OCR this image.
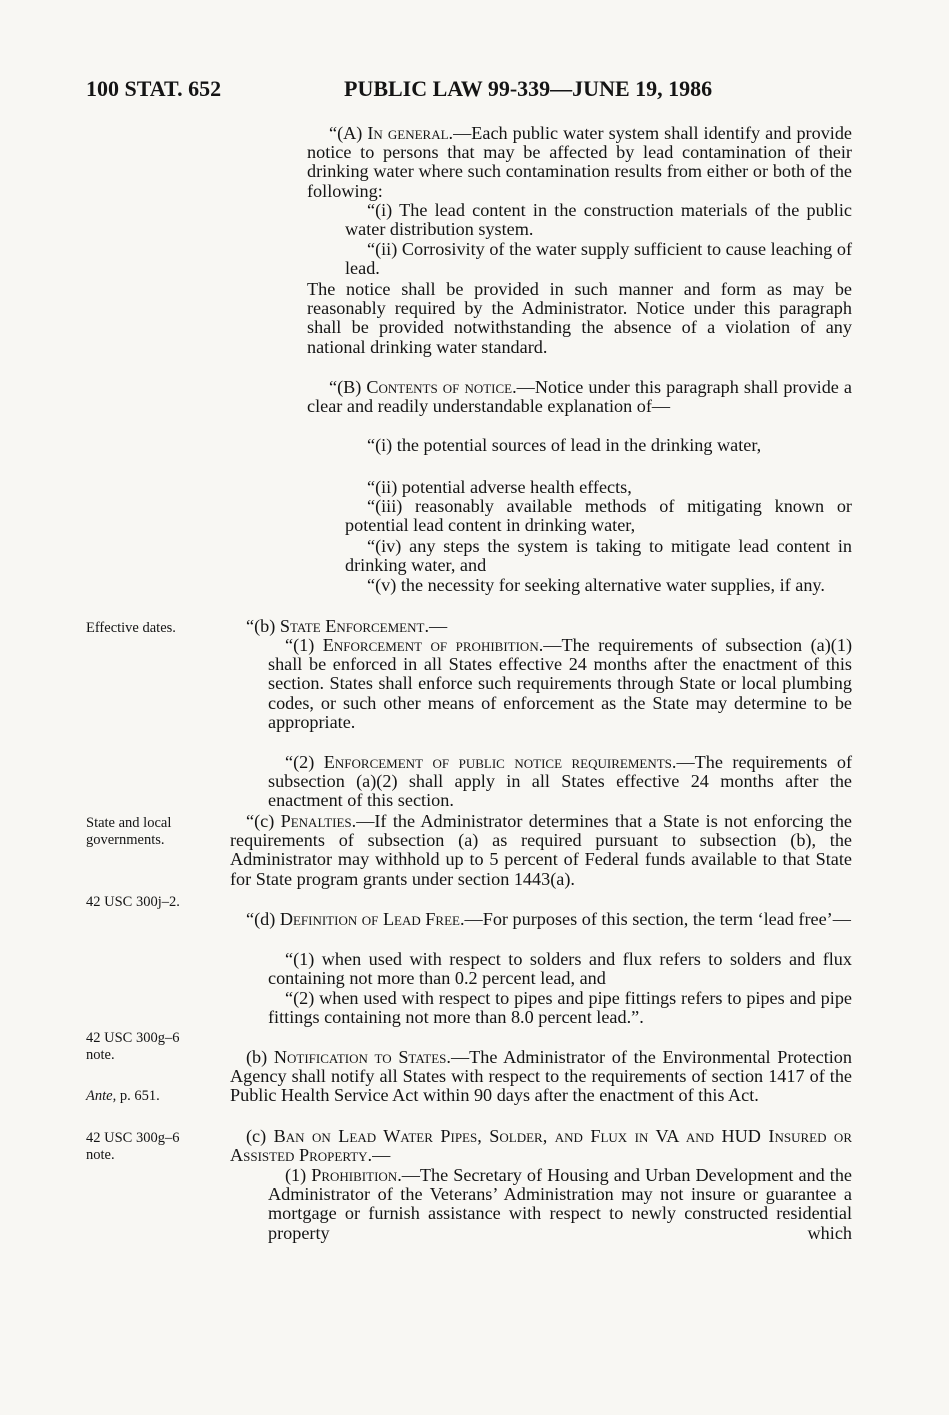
100 STAT. 652	PUBLIC LAW 99-339—JUNE 19, 1986
“(A) In general.—Each public water system shall identify and provide notice to persons that may be affected by lead contamination of their drinking water where such contamination results from either or both of the following:
“(i) The lead content in the construction materials of the public water distribution system.
“(ii) Corrosivity of the water supply sufficient to cause leaching of lead.
The notice shall be provided in such manner and form as may be reasonably required by the Administrator. Notice under this paragraph shall be provided notwithstanding the absence of a violation of any national drinking water standard.
“(B) Contents of notice.—Notice under this paragraph shall provide a clear and readily understandable explanation of—
“(i) the potential sources of lead in the drinking water,
“(ii) potential adverse health effects,
“(iii) reasonably available methods of mitigating known or potential lead content in drinking water,
“(iv) any steps the system is taking to mitigate lead content in drinking water, and
“(v) the necessity for seeking alternative water supplies, if any.
Effective dates.	“(b) State Enforcement.—
“(1) Enforcement of prohibition.—The requirements of subsection (a)(1) shall be enforced in all States effective 24 months after the enactment of this section. States shall enforce such requirements through State or local plumbing codes, or such other means of enforcement as the State may determine to be appropriate.
“(2) Enforcement of public notice requirements.—The requirements of subsection (a)(2) shall apply in all States effective 24 months after the enactment of this section.
State and local governments.
“(c) Penalties.—If the Administrator determines that a State is not enforcing the requirements of subsection (a) as required pursuant to subsection (b), the Administrator may withhold up to 5 percent of Federal funds available to that State for State program grants under section 1443(a).
42 USC 300j–2.
“(d) Definition of Lead Free.—For purposes of this section, the term ‘lead free’—
“(1) when used with respect to solders and flux refers to solders and flux containing not more than 0.2 percent lead, and
“(2) when used with respect to pipes and pipe fittings refers to pipes and pipe fittings containing not more than 8.0 percent lead.”.
42 USC 300g–6 note.	(b) Notification to States.—The Administrator of the Environmental Protection Agency shall notify all States with respect to the requirements of section 1417 of the Public Health Service Act within 90 days after the enactment of this Act.
Ante, p. 651.
42 USC 300g–6 note.
(c) Ban on Lead Water Pipes, Solder, and Flux in VA and HUD Insured or Assisted Property.—
(1) Prohibition.—The Secretary of Housing and Urban Development and the Administrator of the Veterans’ Administration may not insure or guarantee a mortgage or furnish assistance with respect to newly constructed residential property which
